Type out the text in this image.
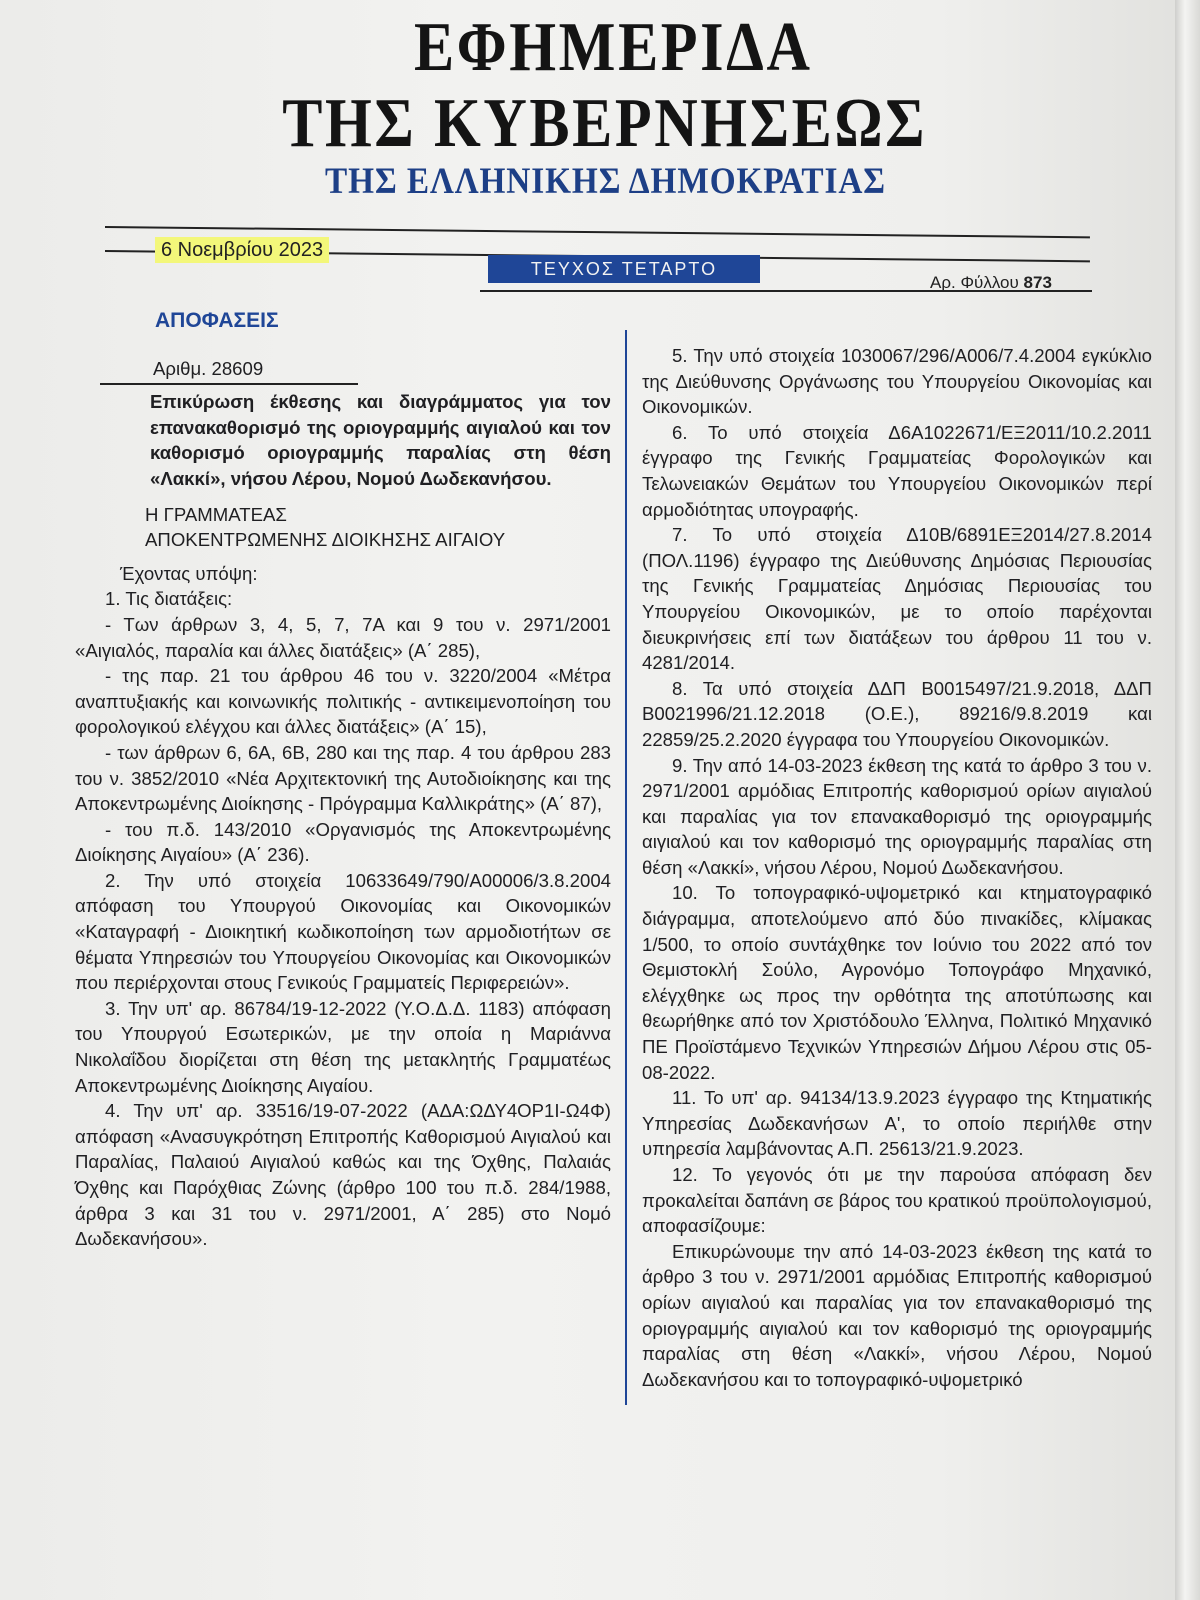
ΕΦΗΜΕΡΙΔΑ
ΤΗΣ ΚΥΒΕΡΝΗΣΕΩΣ
ΤΗΣ ΕΛΛΗΝΙΚΗΣ ΔΗΜΟΚΡΑΤΙΑΣ
6 Νοεμβρίου 2023
ΤΕΥΧΟΣ ΤΕΤΑΡΤΟ
Αρ. Φύλλου 873

ΑΠΟΦΑΣΕΙΣ

Αριθμ. 28609

Επικύρωση έκθεσης και διαγράμματος για τον επανακαθορισμό της οριογραμμής αιγιαλού και τον καθορισμό οριογραμμής παραλίας στη θέση «Λακκί», νήσου Λέρου, Νομού Δωδεκανήσου.

Η ΓΡΑΜΜΑΤΕΑΣ

ΑΠΟΚΕΝΤΡΩΜΕΝΗΣ ΔΙΟΙΚΗΣΗΣ ΑΙΓΑΙΟΥ

Έχοντας υπόψη:

1. Τις διατάξεις:

- Των άρθρων 3, 4, 5, 7, 7Α και 9 του ν. 2971/2001 «Αιγιαλός, παραλία και άλλες διατάξεις» (Α΄ 285),

- της παρ. 21 του άρθρου 46 του ν. 3220/2004 «Μέτρα αναπτυξιακής και κοινωνικής πολιτικής - αντικειμενοποίηση του φορολογικού ελέγχου και άλλες διατάξεις» (Α΄ 15),

- των άρθρων 6, 6Α, 6Β, 280 και της παρ. 4 του άρθρου 283 του ν. 3852/2010 «Νέα Αρχιτεκτονική της Αυτοδιοίκησης και της Αποκεντρωμένης Διοίκησης - Πρόγραμμα Καλλικράτης» (Α΄ 87),

- του π.δ. 143/2010 «Οργανισμός της Αποκεντρωμένης Διοίκησης Αιγαίου» (Α΄ 236).

2. Την υπό στοιχεία 10633649/790/Α00006/3.8.2004 απόφαση του Υπουργού Οικονομίας και Οικονομικών «Καταγραφή - Διοικητική κωδικοποίηση των αρμοδιοτήτων σε θέματα Υπηρεσιών του Υπουργείου Οικονομίας και Οικονομικών που περιέρχονται στους Γενικούς Γραμματείς Περιφερειών».

3. Την υπ' αρ. 86784/19-12-2022 (Υ.Ο.Δ.Δ. 1183) απόφαση του Υπουργού Εσωτερικών, με την οποία η Μαριάννα Νικολαΐδου διορίζεται στη θέση της μετακλητής Γραμματέως Αποκεντρωμένης Διοίκησης Αιγαίου.

4. Την υπ' αρ. 33516/19-07-2022 (ΑΔΑ:ΩΔΥ4ΟΡ1Ι-Ω4Φ) απόφαση «Ανασυγκρότηση Επιτροπής Καθορισμού Αιγιαλού και Παραλίας, Παλαιού Αιγιαλού καθώς και της Όχθης, Παλαιάς Όχθης και Παρόχθιας Ζώνης (άρθρο 100 του π.δ. 284/1988, άρθρα 3 και 31 του ν. 2971/2001, Α΄ 285) στο Νομό Δωδεκανήσου».

5. Την υπό στοιχεία 1030067/296/Α006/7.4.2004 εγκύκλιο της Διεύθυνσης Οργάνωσης του Υπουργείου Οικονομίας και Οικονομικών.

6. Το υπό στοιχεία Δ6Α1022671/ΕΞ2011/10.2.2011 έγγραφο της Γενικής Γραμματείας Φορολογικών και Τελωνειακών Θεμάτων του Υπουργείου Οικονομικών περί αρμοδιότητας υπογραφής.

7. Το υπό στοιχεία Δ10Β/6891ΕΞ2014/27.8.2014 (ΠΟΛ.1196) έγγραφο της Διεύθυνσης Δημόσιας Περιουσίας της Γενικής Γραμματείας Δημόσιας Περιουσίας του Υπουργείου Οικονομικών, με το οποίο παρέχονται διευκρινήσεις επί των διατάξεων του άρθρου 11 του ν. 4281/2014.

8. Τα υπό στοιχεία ΔΔΠ Β0015497/21.9.2018, ΔΔΠ Β0021996/21.12.2018 (Ο.Ε.), 89216/9.8.2019 και 22859/25.2.2020 έγγραφα του Υπουργείου Οικονομικών.

9. Την από 14-03-2023 έκθεση της κατά το άρθρο 3 του ν. 2971/2001 αρμόδιας Επιτροπής καθορισμού ορίων αιγιαλού και παραλίας για τον επανακαθορισμό της οριογραμμής αιγιαλού και τον καθορισμό της οριογραμμής παραλίας στη θέση «Λακκί», νήσου Λέρου, Νομού Δωδεκανήσου.

10. Το τοπογραφικό-υψομετρικό και κτηματογραφικό διάγραμμα, αποτελούμενο από δύο πινακίδες, κλίμακας 1/500, το οποίο συντάχθηκε τον Ιούνιο του 2022 από τον Θεμιστοκλή Σούλο, Αγρονόμο Τοπογράφο Μηχανικό, ελέγχθηκε ως προς την ορθότητα της αποτύπωσης και θεωρήθηκε από τον Χριστόδουλο Έλληνα, Πολιτικό Μηχανικό ΠΕ Προϊστάμενο Τεχνικών Υπηρεσιών Δήμου Λέρου στις 05-08-2022.

11. Το υπ' αρ. 94134/13.9.2023 έγγραφο της Κτηματικής Υπηρεσίας Δωδεκανήσων Α', το οποίο περιήλθε στην υπηρεσία λαμβάνοντας Α.Π. 25613/21.9.2023.

12. Το γεγονός ότι με την παρούσα απόφαση δεν προκαλείται δαπάνη σε βάρος του κρατικού προϋπολογισμού, αποφασίζουμε:

Επικυρώνουμε την από 14-03-2023 έκθεση της κατά το άρθρο 3 του ν. 2971/2001 αρμόδιας Επιτροπής καθορισμού ορίων αιγιαλού και παραλίας για τον επανακαθορισμό της οριογραμμής αιγιαλού και τον καθορισμό της οριογραμμής παραλίας στη θέση «Λακκί», νήσου Λέρου, Νομού Δωδεκανήσου και το τοπογραφικό-υψομετρικό
